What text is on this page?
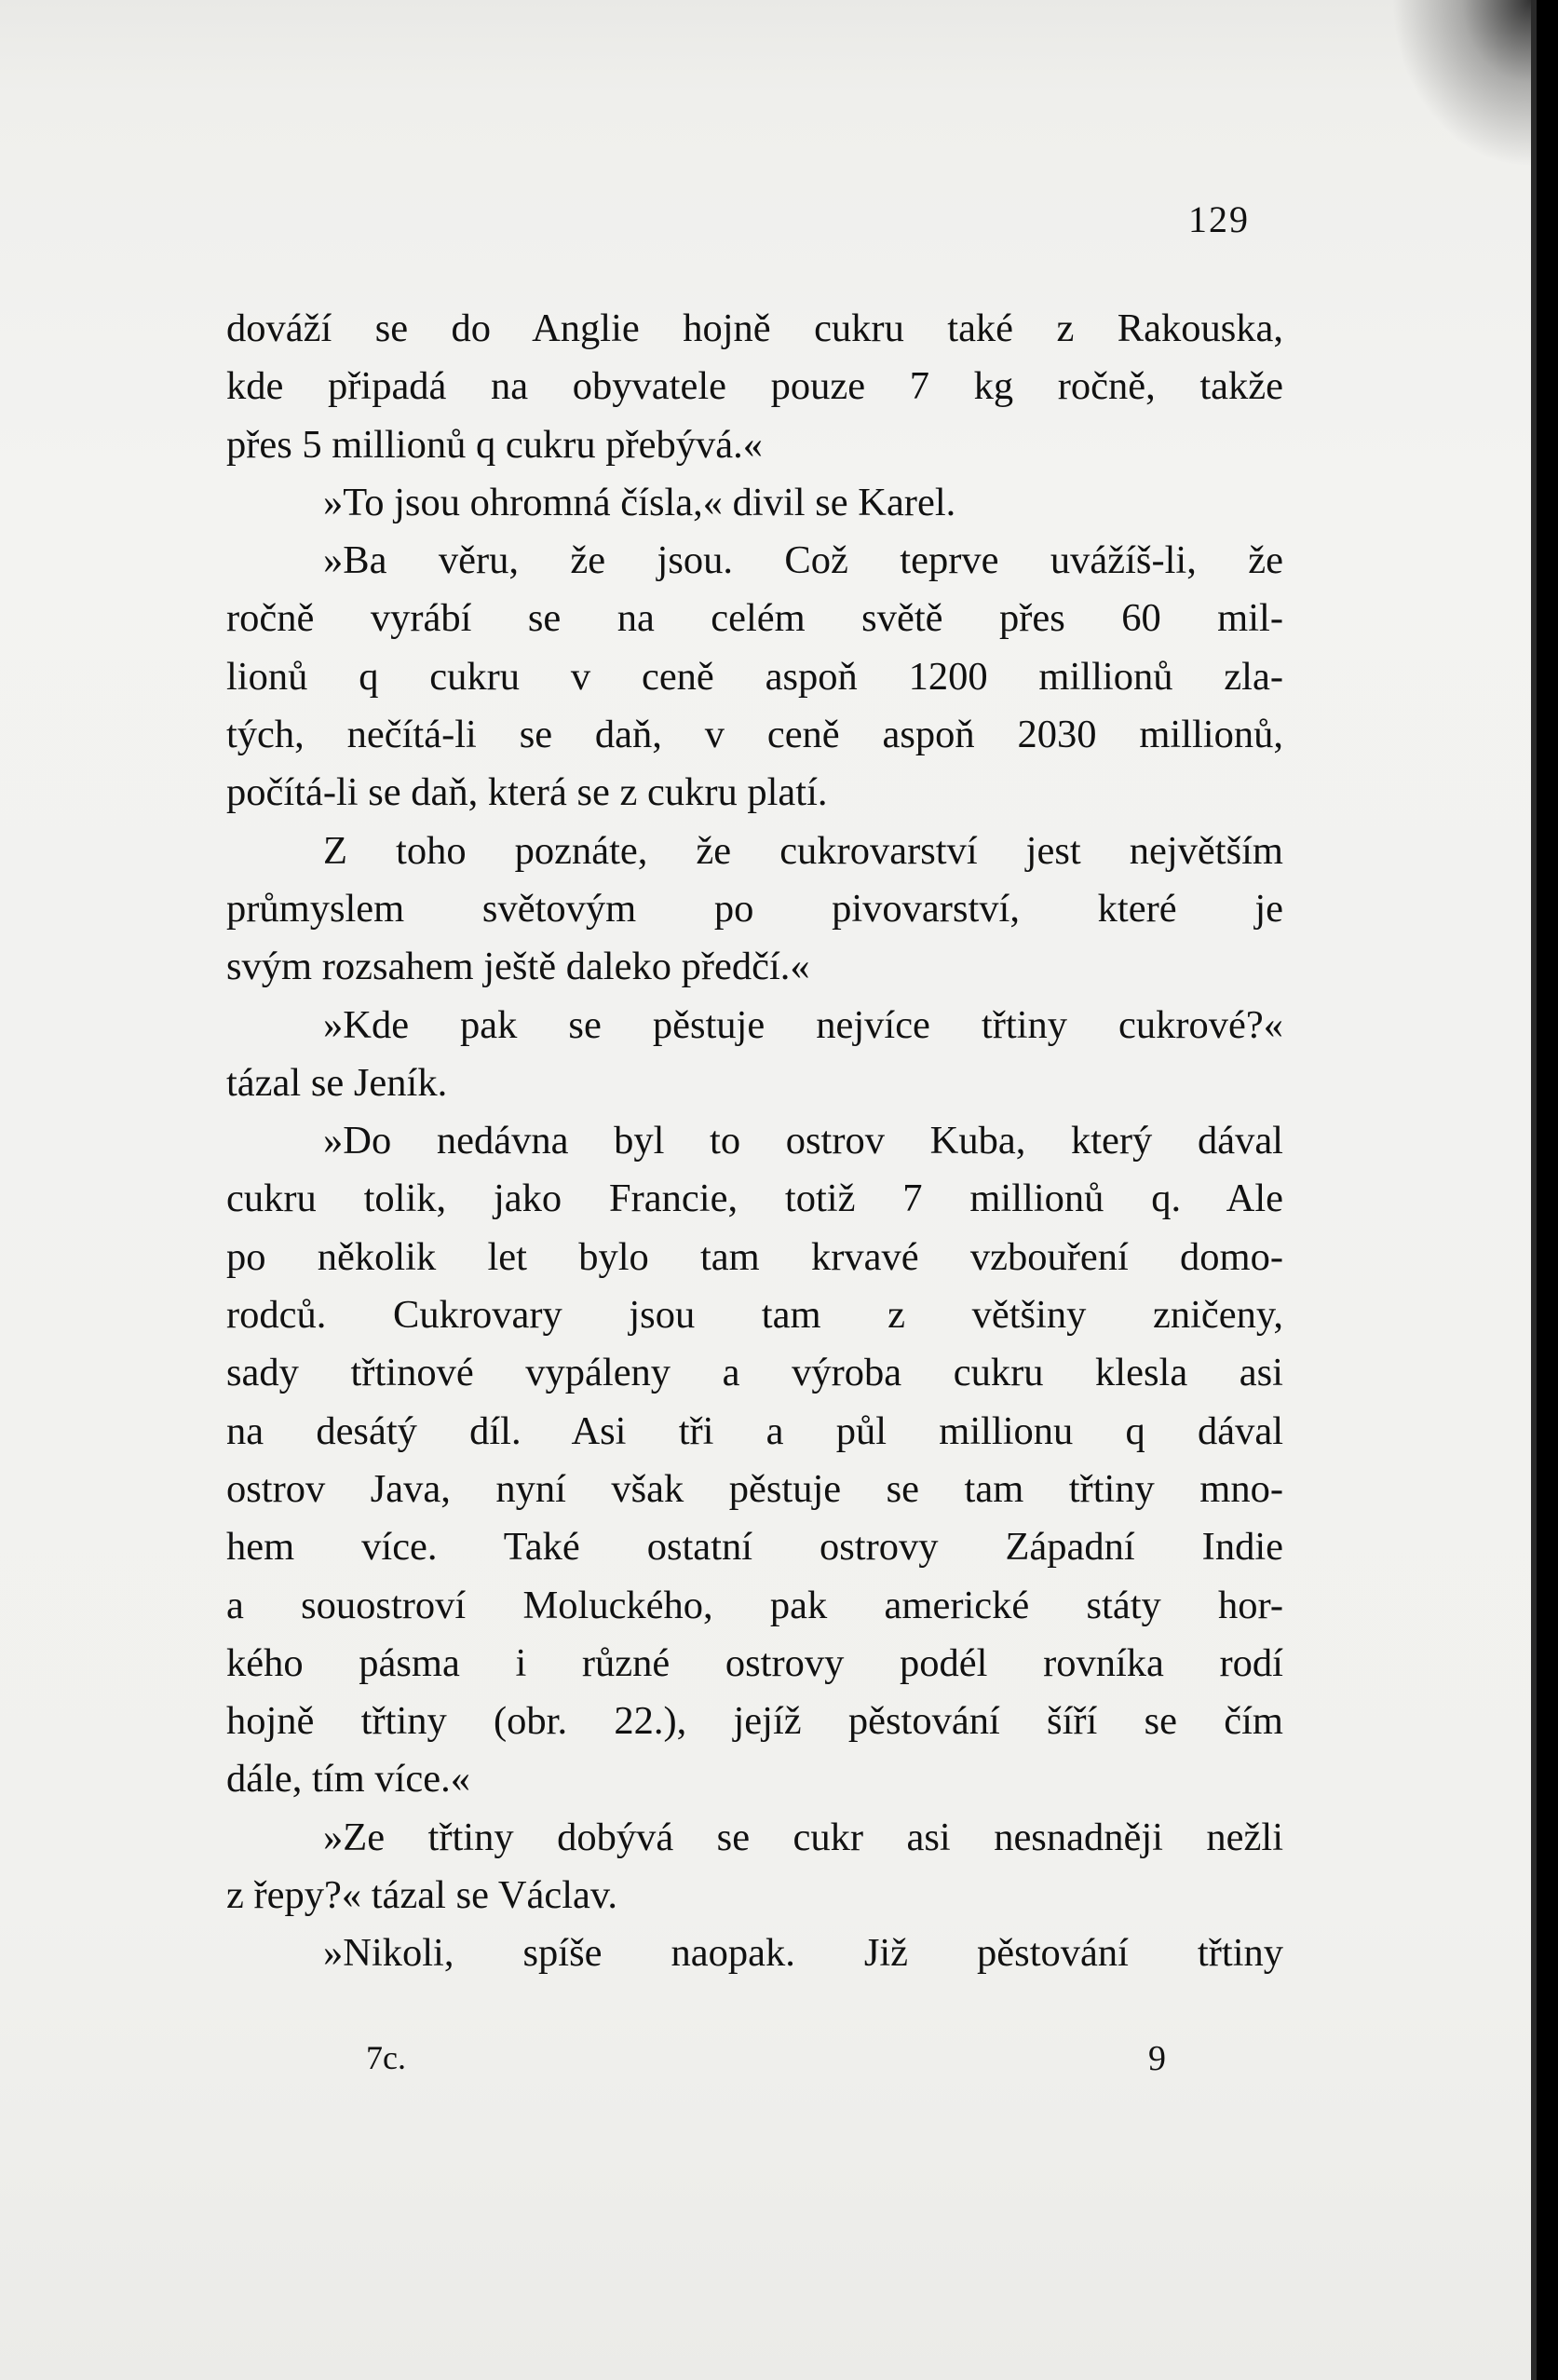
129
dováží se do Anglie hojně cukru také z Rakouska,
kde připadá na obyvatele pouze 7 kg ročně, takže
přes 5 millionů q cukru přebývá.«
»To jsou ohromná čísla,« divil se Karel.
»Ba věru, že jsou. Což teprve uvážíš-li, že
ročně vyrábí se na celém světě přes 60 mil-
lionů q cukru v ceně aspoň 1200 millionů zla-
tých, nečítá-li se daň, v ceně aspoň 2030 millionů,
počítá-li se daň, která se z cukru platí.
Z toho poznáte, že cukrovarství jest největším
průmyslem světovým po pivovarství, které je
svým rozsahem ještě daleko předčí.«
»Kde pak se pěstuje nejvíce třtiny cukrové?«
tázal se Jeník.
»Do nedávna byl to ostrov Kuba, který dával
cukru tolik, jako Francie, totiž 7 millionů q. Ale
po několik let bylo tam krvavé vzbouření domo-
rodců. Cukrovary jsou tam z většiny zničeny,
sady třtinové vypáleny a výroba cukru klesla asi
na desátý díl. Asi tři a půl millionu q dával
ostrov Java, nyní však pěstuje se tam třtiny mno-
hem více. Také ostatní ostrovy Západní Indie
a souostroví Moluckého, pak americké státy hor-
kého pásma i různé ostrovy podél rovníka rodí
hojně třtiny (obr. 22.), jejíž pěstování šíří se čím
dále, tím více.«
»Ze třtiny dobývá se cukr asi nesnadněji nežli
z řepy?« tázal se Václav.
»Nikoli, spíše naopak. Již pěstování třtiny
7c.	9
